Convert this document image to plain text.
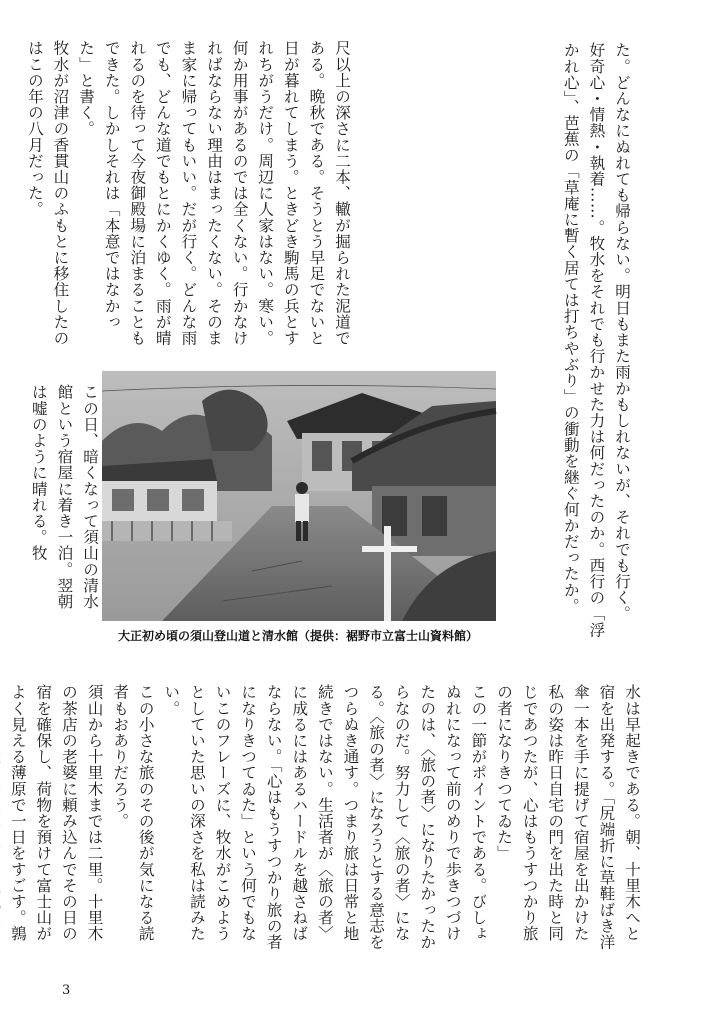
尺以上の深さに二本、轍が掘られた泥道である。晩秋である。そうとう早足でないと日が暮れてしまう。ときどき駒馬の兵とすれちがうだけ。周辺に人家はない。寒い。
何か用事があるのでは全くない。行かなければならない理由はまったくない。そのまま家に帰ってもいい。だが行く。どんな雨でも、どんな道でもとにかくゆく。雨が晴れるのを待って今夜御殿場に泊まることもできた。しかしそれは「本意ではなかった」と書く。
牧水が沼津の香貫山のふもとに移住したのはこの年の八月だった。

　　　	た。どんなにぬれても帰らない。明日もまた雨かもしれないが、それでも行く。
好奇心・情熱・執着……。牧水をそれでも行かせた力は何だったのか。西行の「浮かれ心」、芭蕉の「草庵に暫く居ては打ちやぶり」の衝動を継ぐ何かだったか。
この日、暗くなって須山の清水館という宿屋に着き一泊。翌朝は嘘のように晴れる。牧
大正初め頃の須山登山道と清水館（提供：裾野市立富士山資料館）
水は早起きである。朝、十里木へと宿を出発する。「尻端折に草鞋ばき洋傘一本を手に提げて宿屋を出かけた私の姿は昨日自宅の門を出た時と同じであつたが、心はもうすつかり旅の者になりきつてゐた」
この一節がポイントである。びしょぬれになって前のめりで歩きつづけたのは、〈旅の者〉になりたかったからなのだ。努力して〈旅の者〉になる。〈旅の者〉になろうとする意志をつらぬき通す。つまり旅は日常と地続きではない。生活者が〈旅の者〉に成るにはあるハードルを越さねばならない。「心はもうすつかり旅の者になりきつてゐた」という何でもないこのフレーズに、牧水がこめようとしていた思いの深さを私は読みたい。
この小さな旅のその後が気になる読者もおありだろう。
須山から十里木までは二里。十里木の茶店の老婆に頼み込んでその日の宿を確保し、荷物を預けて富士山がよく見える薄原で一日をすごす。鶉
3
